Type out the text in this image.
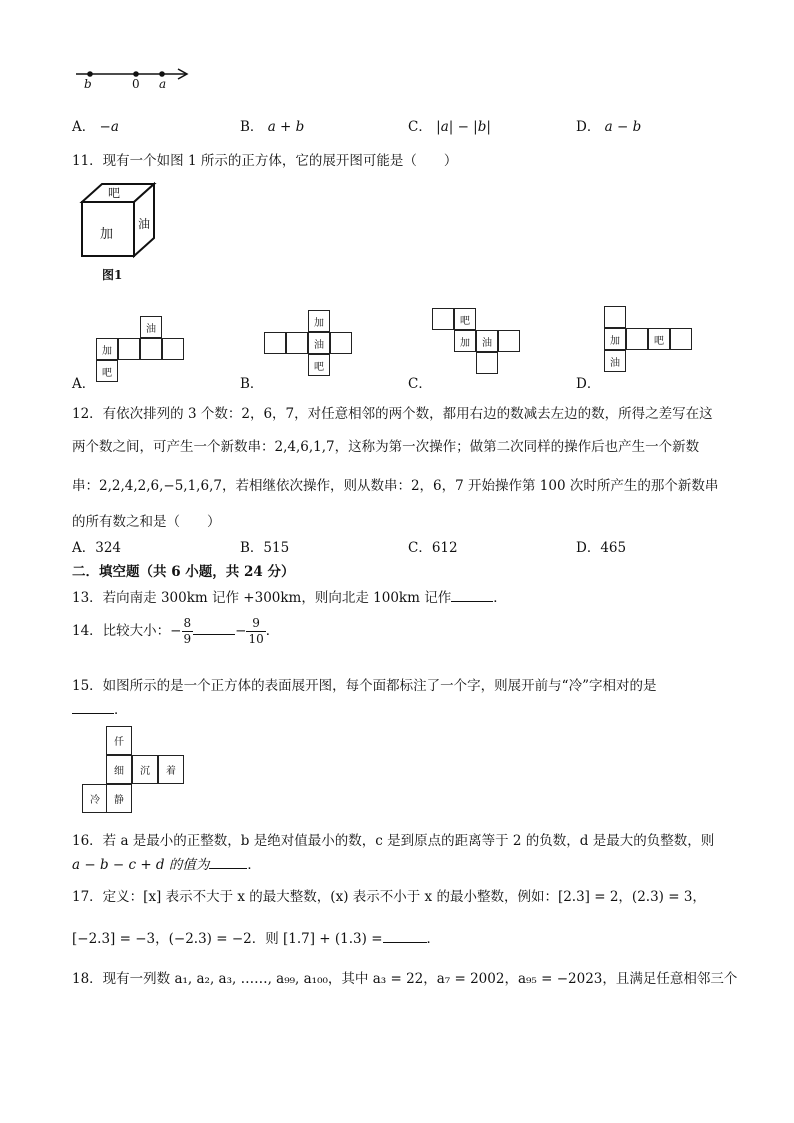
b	0 a
A． −a	B． a + b	C． |a| − |b|	D． a − b
11．现有一个如图 1 所示的正方体，它的展开图可能是（　　）
吧
加
油
图1
油
加
吧
A．
加
油
吧
B．
吧
加	油
C．
加	吧
油
D．
12．有依次排列的 3 个数：2，6，7，对任意相邻的两个数，都用右边的数减去左边的数，所得之差写在这
两个数之间，可产生一个新数串：2,4,6,1,7，这称为第一次操作；做第二次同样的操作后也产生一个新数
串：2,2,4,2,6,−5,1,6,7，若相继依次操作，则从数串：2，6，7 开始操作第 100 次时所产生的那个新数串
的所有数之和是（　　）
A．324	B．515	C．612	D．465
二．填空题（共 6 小题，共 24 分）
13．若向南走 300km 记作 +300km，则向北走 100km 记作	．
14．比较大小：− $\frac{8}{9}$	− $\frac{9}{10}$ ．
15．如图所示的是一个正方体的表面展开图，每个面都标注了一个字，则展开前与“冷”字相对的是
．
仟
细	沉	着
冷	静
16．若 a 是最小的正整数，b 是绝对值最小的数，c 是到原点的距离等于 2 的负数，d 是最大的负整数，则
a − b − c + d 的值为	．
17．定义：[x] 表示不大于 x 的最大整数，(x) 表示不小于 x 的最小整数，例如：[2.3] = 2，(2.3) = 3，
[−2.3] = −3，(−2.3) = −2．则 [1.7] + (1.3) =	．
18．现有一列数 a₁, a₂, a₃, ……, a₉₉, a₁₀₀，其中 a₃ = 22，a₇ = 2002，a₉₅ = −2023，且满足任意相邻三个
